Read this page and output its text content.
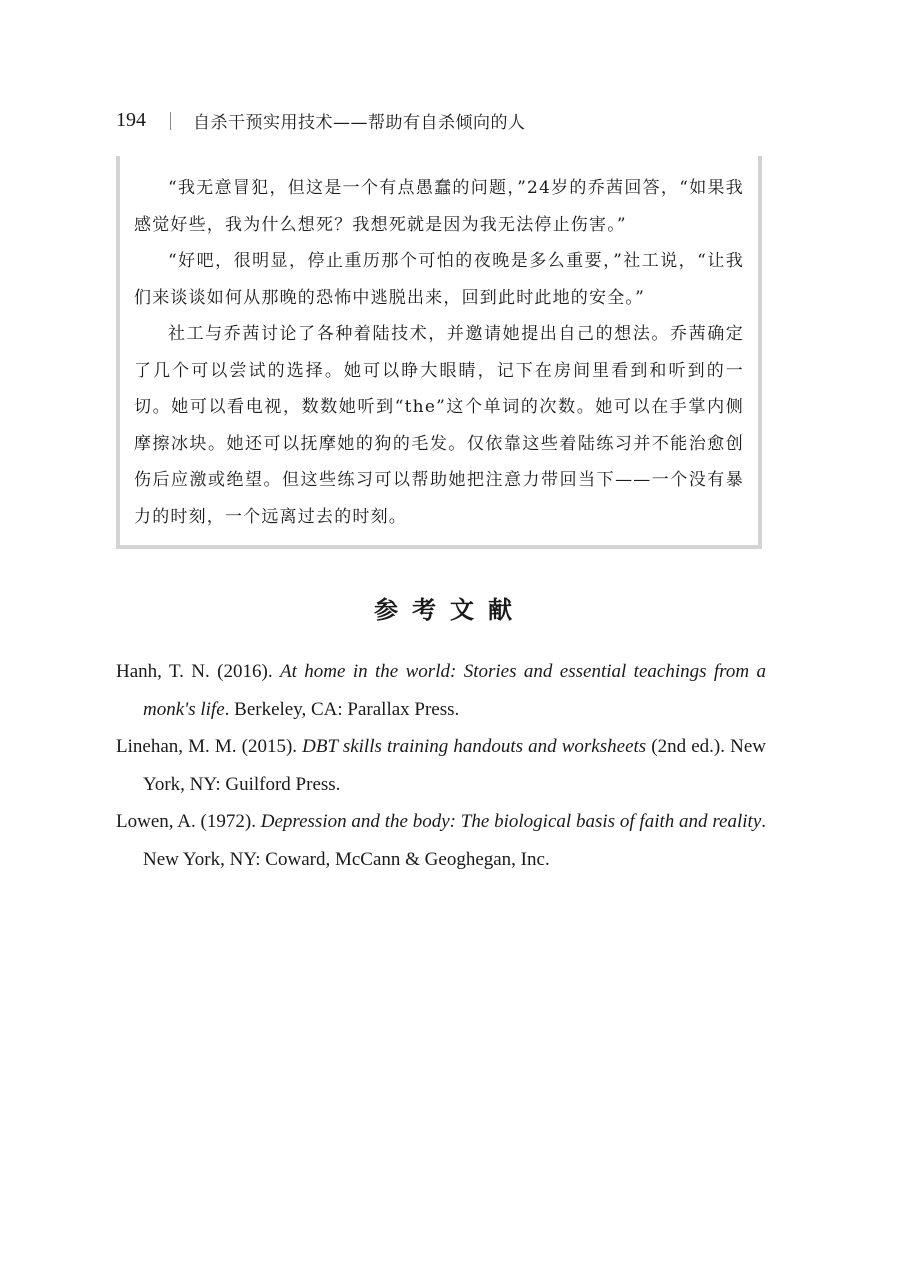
194	自杀干预实用技术——帮助有自杀倾向的人

“我无意冒犯，但这是一个有点愚蠢的问题，”24岁的乔茜回答，“如果我感觉好些，我为什么想死？我想死就是因为我无法停止伤害。”

“好吧，很明显，停止重历那个可怕的夜晚是多么重要，”社工说，“让我们来谈谈如何从那晚的恐怖中逃脱出来，回到此时此地的安全。”

社工与乔茜讨论了各种着陆技术，并邀请她提出自己的想法。乔茜确定了几个可以尝试的选择。她可以睁大眼睛，记下在房间里看到和听到的一切。她可以看电视，数数她听到“the”这个单词的次数。她可以在手掌内侧摩擦冰块。她还可以抚摩她的狗的毛发。仅依靠这些着陆练习并不能治愈创伤后应激或绝望。但这些练习可以帮助她把注意力带回当下——一个没有暴力的时刻，一个远离过去的时刻。

参考文献

Hanh, T. N. (2016). At home in the world: Stories and essential teachings from a monk's life. Berkeley, CA: Parallax Press.

Linehan, M. M. (2015). DBT skills training handouts and worksheets (2nd ed.). New York, NY: Guilford Press.

Lowen, A. (1972). Depression and the body: The biological basis of faith and reality. New York, NY: Coward, McCann & Geoghegan, Inc.
